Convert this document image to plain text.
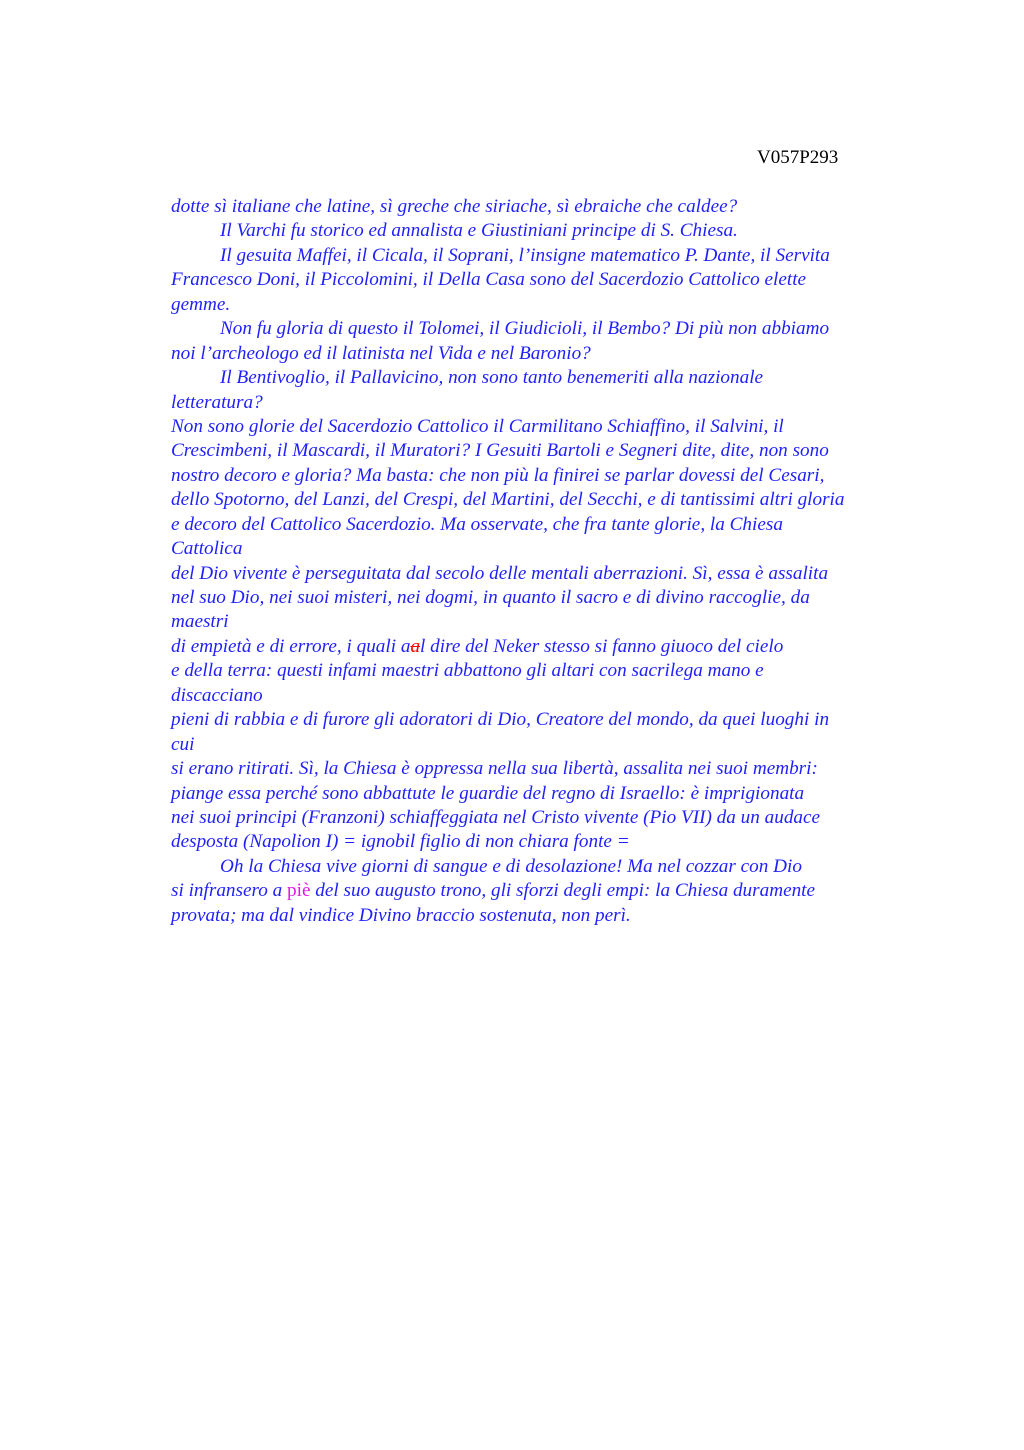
V057P293
dotte sì italiane che latine, sì greche che siriache, sì ebraiche che caldee?
Il Varchi fu storico ed annalista e Giustiniani principe di S. Chiesa.
Il gesuita Maffei, il Cicala, il Soprani, l’insigne matematico P. Dante, il Servita
Francesco Doni, il Piccolomini, il Della Casa sono del Sacerdozio Cattolico elette
gemme.
Non fu gloria di questo il Tolomei, il Giudicioli, il Bembo? Di più non abbiamo
noi l’archeologo ed il latinista nel Vida e nel Baronio?
Il Bentivoglio, il Pallavicino, non sono tanto benemeriti alla nazionale
letteratura?
Non sono glorie del Sacerdozio Cattolico il Carmilitano Schiaffino, il Salvini, il
Crescimbeni, il Mascardi, il Muratori? I Gesuiti Bartoli e Segneri dite, dite, non sono
nostro decoro e gloria? Ma basta: che non più la finirei se parlar dovessi del Cesari,
dello Spotorno, del Lanzi, del Crespi, del Martini, del Secchi, e di tantissimi altri gloria
e decoro del Cattolico Sacerdozio. Ma osservate, che fra tante glorie, la Chiesa
Cattolica
del Dio vivente è perseguitata dal secolo delle mentali aberrazioni. Sì, essa è assalita
nel suo Dio, nei suoi misteri, nei dogmi, in quanto il sacro e di divino raccoglie, da
maestri
di empietà e di errore, i quali aal dire del Neker stesso si fanno giuoco del cielo
e della terra: questi infami maestri abbattono gli altari con sacrilega mano e
discacciano
pieni di rabbia e di furore gli adoratori di Dio, Creatore del mondo, da quei luoghi in
cui
si erano ritirati. Sì, la Chiesa è oppressa nella sua libertà, assalita nei suoi membri:
piange essa perché sono abbattute le guardie del regno di Israello: è imprigionata
nei suoi principi (Franzoni) schiaffeggiata nel Cristo vivente (Pio VII) da un audace
desposta (Napolion I) = ignobil figlio di non chiara fonte =
Oh la Chiesa vive giorni di sangue e di desolazione! Ma nel cozzar con Dio
si infransero a piè del suo augusto trono, gli sforzi degli empi: la Chiesa duramente
provata; ma dal vindice Divino braccio sostenuta, non perì.
